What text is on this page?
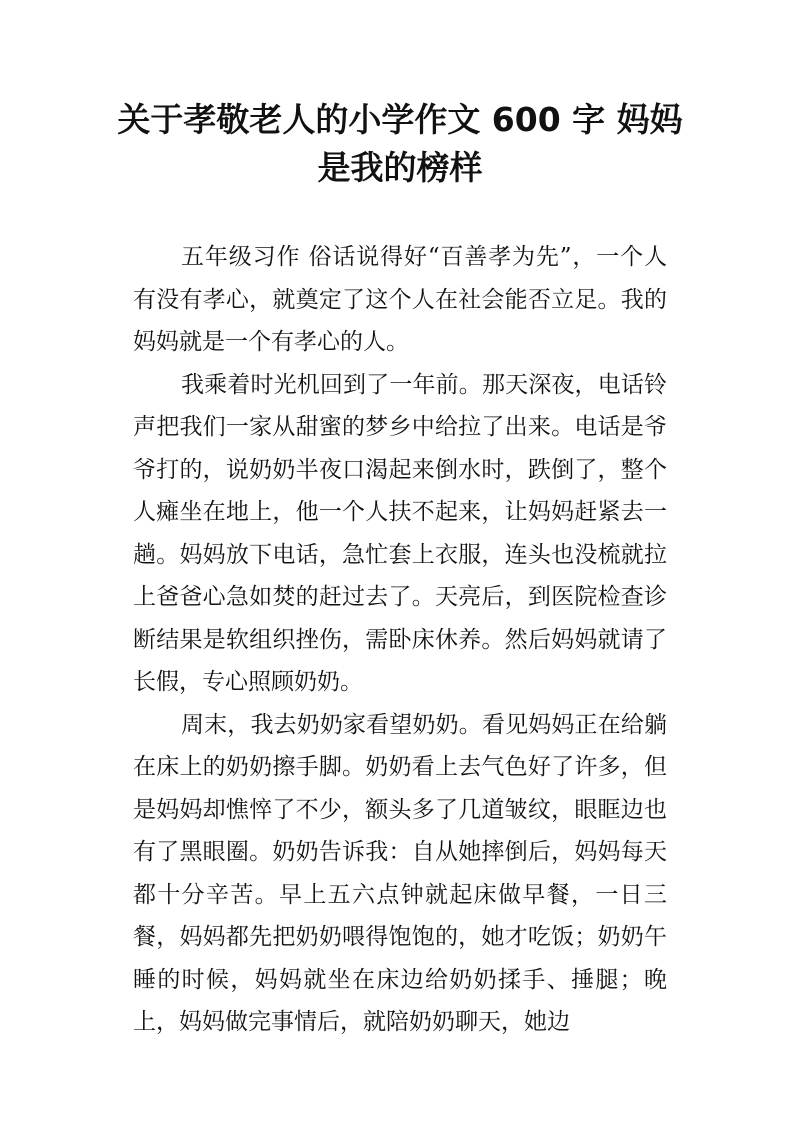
关于孝敬老人的小学作文 600 字 妈妈
是我的榜样

五年级习作 俗话说得好“百善孝为先”，一个人有没有孝心，就奠定了这个人在社会能否立足。我的妈妈就是一个有孝心的人。

我乘着时光机回到了一年前。那天深夜，电话铃声把我们一家从甜蜜的梦乡中给拉了出来。电话是爷爷打的，说奶奶半夜口渴起来倒水时，跌倒了，整个人瘫坐在地上，他一个人扶不起来，让妈妈赶紧去一趟。妈妈放下电话，急忙套上衣服，连头也没梳就拉上爸爸心急如焚的赶过去了。天亮后，到医院检查诊断结果是软组织挫伤，需卧床休养。然后妈妈就请了长假，专心照顾奶奶。

周末，我去奶奶家看望奶奶。看见妈妈正在给躺在床上的奶奶擦手脚。奶奶看上去气色好了许多，但是妈妈却憔悴了不少，额头多了几道皱纹，眼眶边也有了黑眼圈。奶奶告诉我：自从她摔倒后，妈妈每天都十分辛苦。早上五六点钟就起床做早餐，一日三餐，妈妈都先把奶奶喂得饱饱的，她才吃饭；奶奶午睡的时候，妈妈就坐在床边给奶奶揉手、捶腿；晚上，妈妈做完事情后，就陪奶奶聊天，她边
